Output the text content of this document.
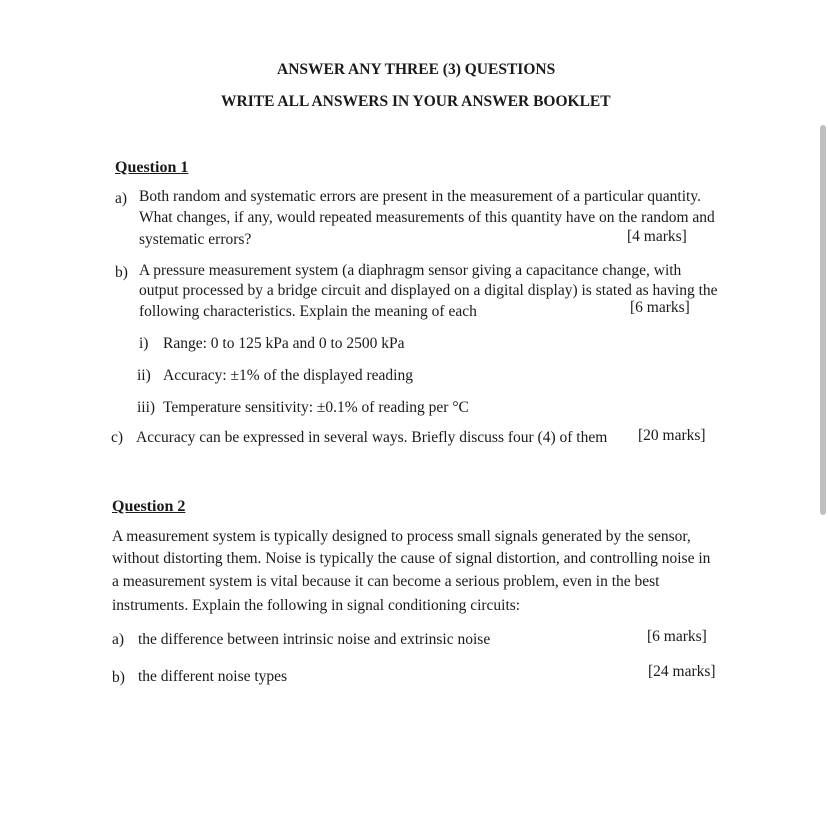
ANSWER ANY THREE (3) QUESTIONS
WRITE ALL ANSWERS IN YOUR ANSWER BOOKLET
Question 1
a) Both random and systematic errors are present in the measurement of a particular quantity.
What changes, if any, would repeated measurements of this quantity have on the random and
systematic errors?	[4 marks]
b) A pressure measurement system (a diaphragm sensor giving a capacitance change, with
output processed by a bridge circuit and displayed on a digital display) is stated as having the
following characteristics. Explain the meaning of each	[6 marks]
i) Range: 0 to 125 kPa and 0 to 2500 kPa
ii) Accuracy: ±1% of the displayed reading
iii) Temperature sensitivity: ±0.1% of reading per °C
c) Accuracy can be expressed in several ways. Briefly discuss four (4) of them [20 marks]
Question 2
A measurement system is typically designed to process small signals generated by the sensor,
without distorting them. Noise is typically the cause of signal distortion, and controlling noise in
a measurement system is vital because it can become a serious problem, even in the best
instruments. Explain the following in signal conditioning circuits:
a) the difference between intrinsic noise and extrinsic noise	[6 marks]
b) the different noise types	[24 marks]
